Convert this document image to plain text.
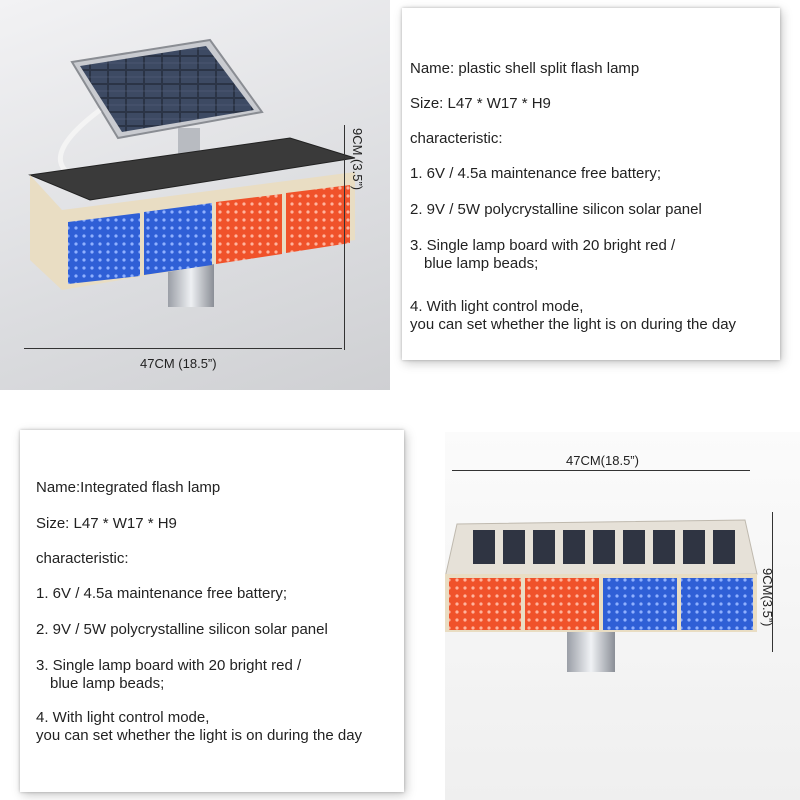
47CM (18.5”)
9CM (3.5”)
Name: plastic shell split flash lamp
Size: L47 * W17 * H9
characteristic:
1. 6V / 4.5a maintenance free battery;
2. 9V / 5W polycrystalline silicon solar panel
3. Single lamp board with 20 bright red /
blue lamp beads;
4. With light control mode,
you can set whether the light is on during the day
Name:Integrated flash lamp
Size: L47 * W17 * H9
characteristic:
1. 6V / 4.5a maintenance free battery;
2. 9V / 5W polycrystalline silicon solar panel
3. Single lamp board with 20 bright red /
blue lamp beads;
4. With light control mode,
you can set whether the light is on during the day
47CM(18.5”)
9CM(3.5”)
